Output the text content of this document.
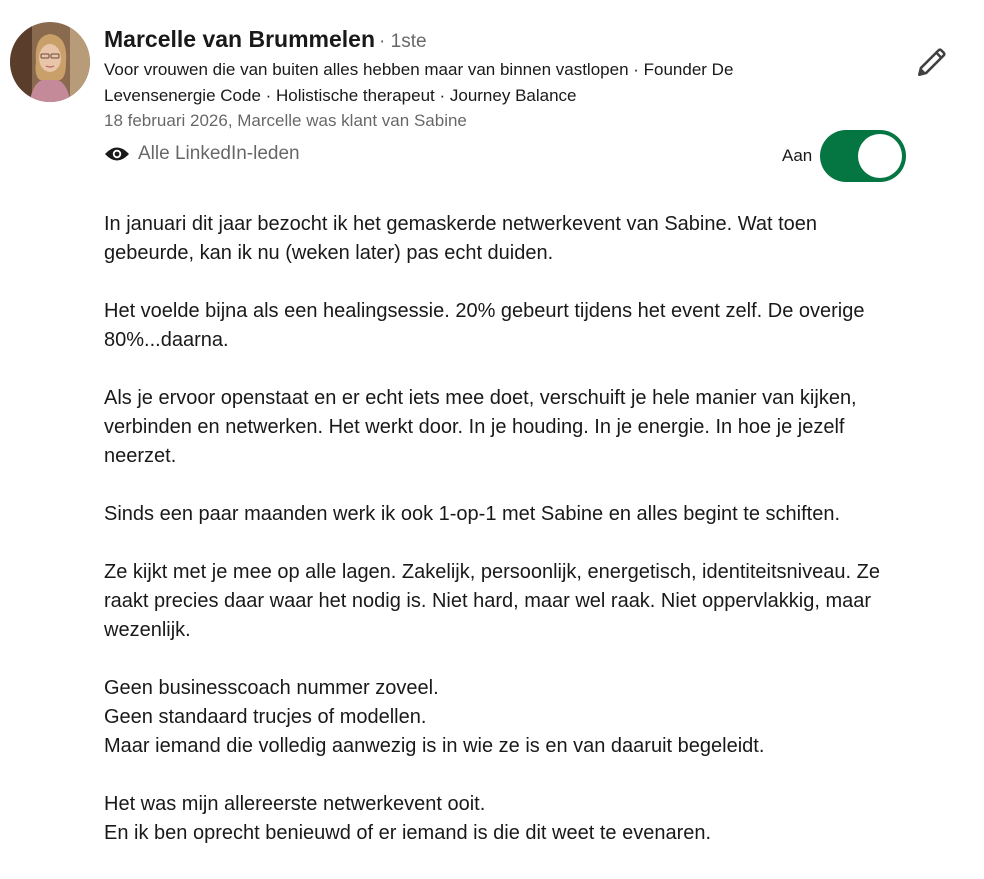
Marcelle van Brummelen · 1ste
Voor vrouwen die van buiten alles hebben maar van binnen vastlopen · Founder De Levensenergie Code · Holistische therapeut · Journey Balance
18 februari 2026, Marcelle was klant van Sabine
Alle LinkedIn-leden	Aan

In januari dit jaar bezocht ik het gemaskerde netwerkevent van Sabine. Wat toen gebeurde, kan ik nu (weken later) pas echt duiden.

Het voelde bijna als een healingsessie. 20% gebeurt tijdens het event zelf. De overige 80%...daarna.

Als je ervoor openstaat en er echt iets mee doet, verschuift je hele manier van kijken, verbinden en netwerken. Het werkt door. In je houding. In je energie. In hoe je jezelf neerzet.

Sinds een paar maanden werk ik ook 1-op-1 met Sabine en alles begint te schiften.

Ze kijkt met je mee op alle lagen. Zakelijk, persoonlijk, energetisch, identiteitsniveau. Ze raakt precies daar waar het nodig is. Niet hard, maar wel raak. Niet oppervlakkig, maar wezenlijk.

Geen businesscoach nummer zoveel.
Geen standaard trucjes of modellen.
Maar iemand die volledig aanwezig is in wie ze is en van daaruit begeleidt.

Het was mijn allereerste netwerkevent ooit.
En ik ben oprecht benieuwd of er iemand is die dit weet te evenaren.
